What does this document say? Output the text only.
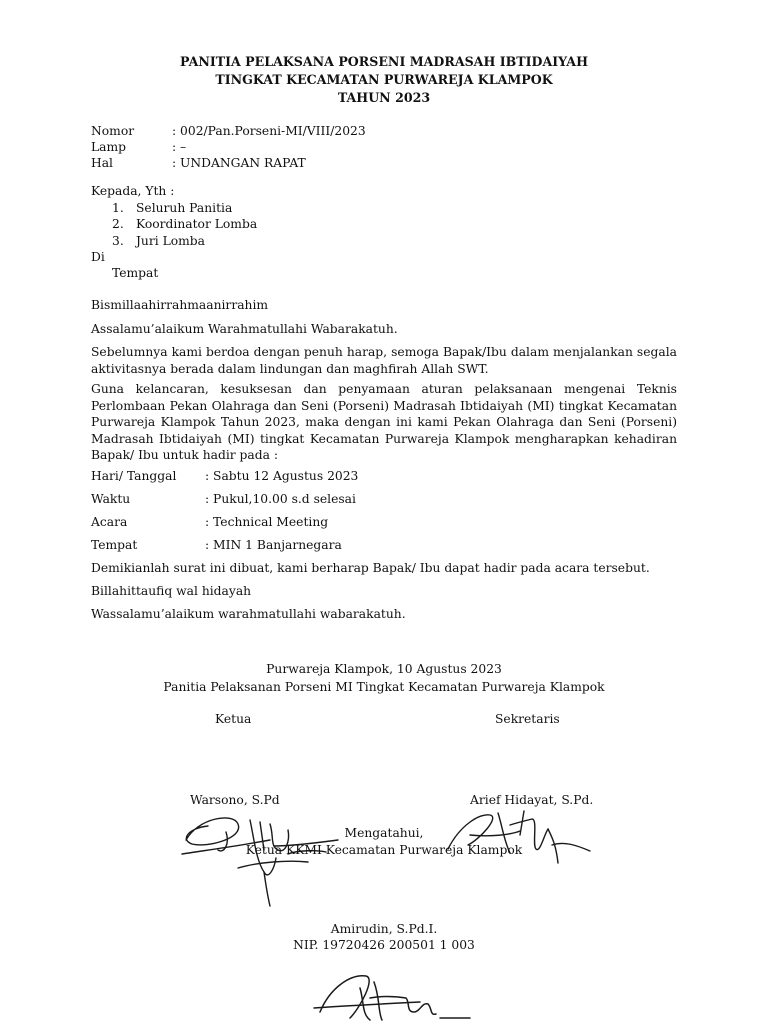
PANITIA PELAKSANA PORSENI MADRASAH IBTIDAIYAH
TINGKAT KECAMATAN PURWAREJA KLAMPOK
TAHUN 2023
Nomor	: 002/Pan.Porseni-MI/VIII/2023
Lamp	: –
Hal	: UNDANGAN RAPAT
Kepada, Yth :
1. Seluruh Panitia
2. Koordinator Lomba
3. Juri Lomba
Di
Tempat
Bismillaahirrahmaanirrahim
Assalamu’alaikum Warahmatullahi Wabarakatuh.
Sebelumnya kami berdoa dengan penuh harap, semoga Bapak/Ibu dalam menjalankan segala aktivitasnya berada dalam lindungan dan maghfirah Allah SWT.
Guna kelancaran, kesuksesan dan penyamaan aturan pelaksanaan mengenai Teknis Perlombaan Pekan Olahraga dan Seni (Porseni) Madrasah Ibtidaiyah (MI) tingkat Kecamatan Purwareja Klampok Tahun 2023, maka dengan ini kami Pekan Olahraga dan Seni (Porseni) Madrasah Ibtidaiyah (MI) tingkat Kecamatan Purwareja Klampok mengharapkan kehadiran Bapak/ Ibu untuk hadir pada :
Hari/ Tanggal : Sabtu 12 Agustus 2023
Waktu	: Pukul,10.00 s.d selesai
Acara	: Technical Meeting
Tempat	: MIN 1 Banjarnegara
Demikianlah surat ini dibuat, kami berharap Bapak/ Ibu dapat hadir pada acara tersebut.
Billahittaufiq wal hidayah
Wassalamu’alaikum warahmatullahi wabarakatuh.
Purwareja Klampok, 10 Agustus 2023
Panitia Pelaksanan Porseni MI Tingkat Kecamatan Purwareja Klampok
Ketua	Sekretaris
Warsono, S.Pd	Arief Hidayat, S.Pd.
Mengatahui,
Ketua KKMI Kecamatan Purwareja Klampok
Amirudin, S.Pd.I.
NIP. 19720426 200501 1 003
